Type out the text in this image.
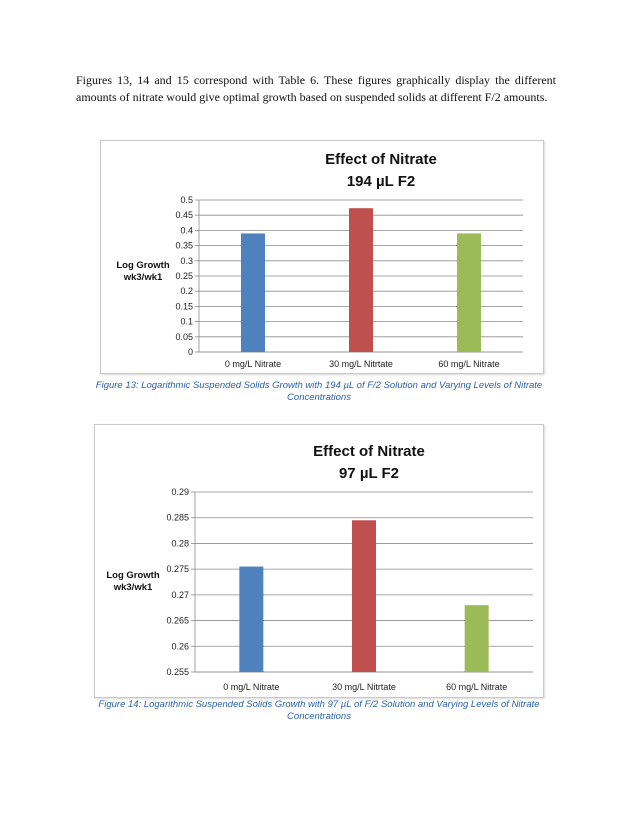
Figures 13, 14 and 15 correspond with Table 6. These figures graphically display the different amounts of nitrate would give optimal growth based on suspended solids at different F/2 amounts.
Effect of Nitrate
194 µL F2
0
0.05
0.1
0.15
0.2
0.25
0.3
0.35
0.4
0.45
0.5
0 mg/L Nitrate	30 mg/L Nitrtate	60 mg/L Nitrate
Log Growth
wk3/wk1
Figure 13: Logarithmic Suspended Solids Growth with 194 µL of F/2 Solution and Varying Levels of Nitrate Concentrations
Effect of Nitrate
97 µL F2
0.255
0.26
0.265
0.27
0.275
0.28
0.285
0.29
0 mg/L Nitrate	30 mg/L Nitrtate	60 mg/L Nitrate
Log Growth
wk3/wk1
Figure 14: Logarithmic Suspended Solids Growth with 97 µL of F/2 Solution and Varying Levels of Nitrate Concentrations
